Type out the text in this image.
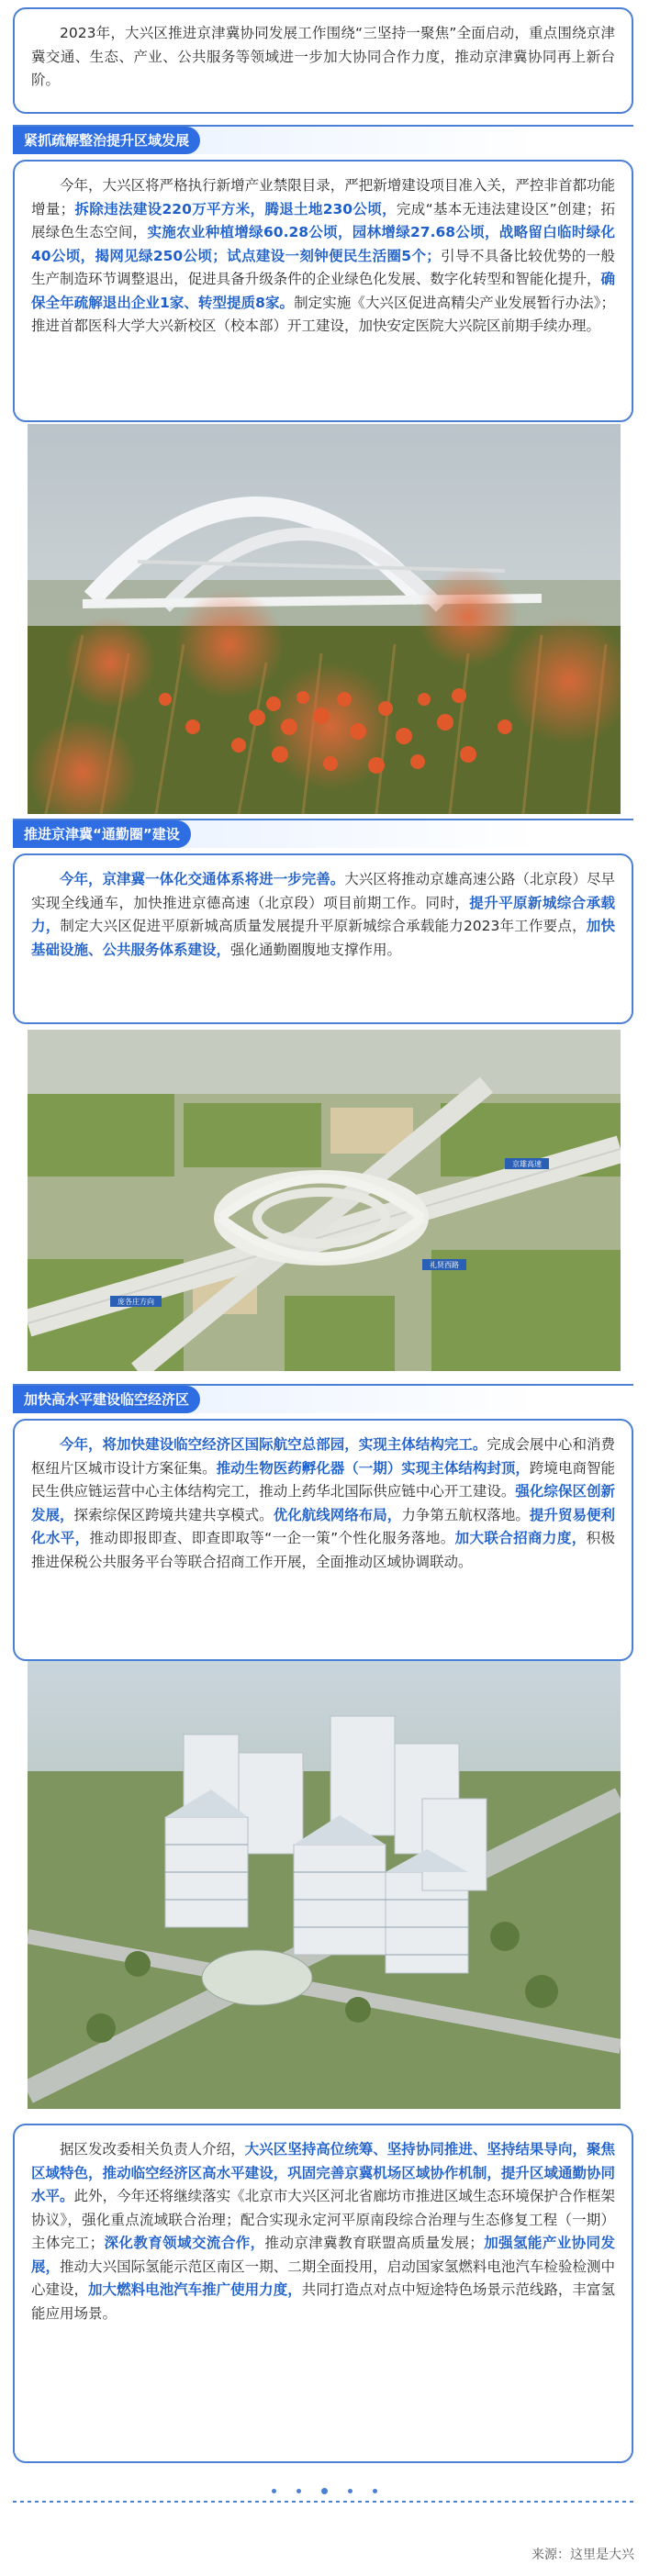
2023年，大兴区推进京津冀协同发展工作围绕“三坚持一聚焦”全面启动，重点围绕京津冀交通、生态、产业、公共服务等领域进一步加大协同合作力度，推动京津冀协同再上新台阶。

紧抓疏解整治提升区域发展

今年，大兴区将严格执行新增产业禁限目录，严把新增建设项目准入关，严控非首都功能增量；拆除违法建设220万平方米，腾退土地230公顷，完成“基本无违法建设区”创建；拓展绿色生态空间，实施农业种植增绿60.28公顷，园林增绿27.68公顷，战略留白临时绿化40公顷，揭网见绿250公顷；试点建设一刻钟便民生活圈5个；引导不具备比较优势的一般生产制造环节调整退出，促进具备升级条件的企业绿色化发展、数字化转型和智能化提升，确保全年疏解退出企业1家、转型提质8家。制定实施《大兴区促进高精尖产业发展暂行办法》；推进首都医科大学大兴新校区（校本部）开工建设，加快安定医院大兴院区前期手续办理。

推进京津冀“通勤圈”建设

今年，京津冀一体化交通体系将进一步完善。大兴区将推动京雄高速公路（北京段）尽早实现全线通车，加快推进京德高速（北京段）项目前期工作。同时，提升平原新城综合承载力，制定大兴区促进平原新城高质量发展提升平原新城综合承载能力2023年工作要点，加快基础设施、公共服务体系建设，强化通勤圈腹地支撑作用。

京雄高速
礼贤西路
庞各庄方向
加快高水平建设临空经济区

今年，将加快建设临空经济区国际航空总部园，实现主体结构完工。完成会展中心和消费枢纽片区城市设计方案征集。推动生物医药孵化器（一期）实现主体结构封顶，跨境电商智能民生供应链运营中心主体结构完工，推动上药华北国际供应链中心开工建设。强化综保区创新发展，探索综保区跨境共建共享模式。优化航线网络布局，力争第五航权落地。提升贸易便利化水平，推动即报即查、即查即取等“一企一策”个性化服务落地。加大联合招商力度，积极推进保税公共服务平台等联合招商工作开展，全面推动区域协调联动。

据区发改委相关负责人介绍，大兴区坚持高位统筹、坚持协同推进、坚持结果导向，聚焦区域特色，推动临空经济区高水平建设，巩固完善京冀机场区域协作机制，提升区域通勤协同水平。此外，今年还将继续落实《北京市大兴区河北省廊坊市推进区域生态环境保护合作框架协议》，强化重点流域联合治理；配合实现永定河平原南段综合治理与生态修复工程（一期）主体完工；深化教育领域交流合作，推动京津冀教育联盟高质量发展；加强氢能产业协同发展，推动大兴国际氢能示范区南区一期、二期全面投用，启动国家氢燃料电池汽车检验检测中心建设，加大燃料电池汽车推广使用力度，共同打造点对点中短途特色场景示范线路，丰富氢能应用场景。

来源：这里是大兴
